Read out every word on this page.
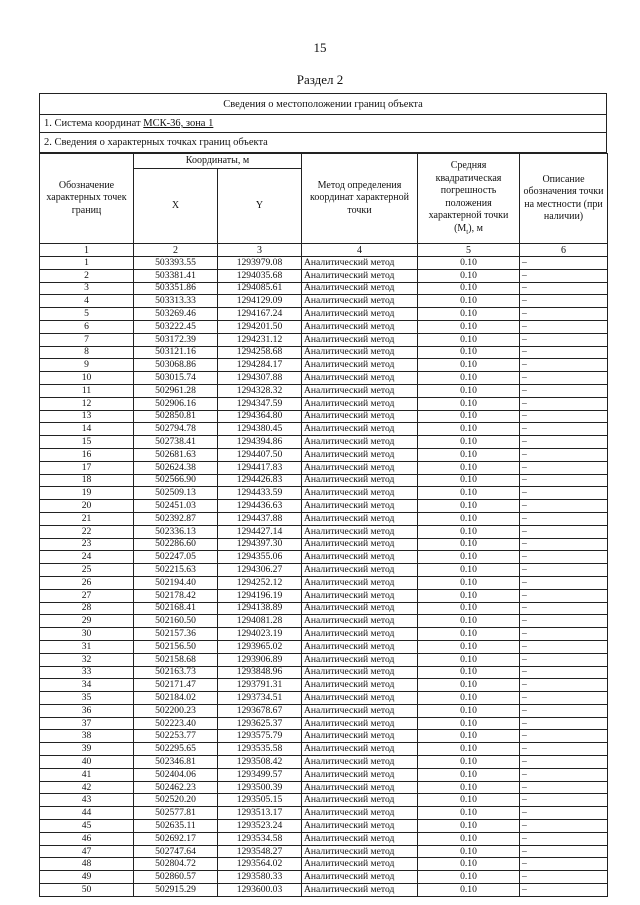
15
Раздел 2
Сведения о местоположении границ объекта
1. Система координат МСК-36, зона 1
2. Сведения о характерных точках границ объекта
Обозначение характерных точек границ	Координаты, м		Метод определения координат характерной точки	Средняя квадратическая погрешность положения характерной точки $(M_t)$, м	Описание обозначения точки на местности (при наличии)
	X	Y			
1	2	3	4	5	6
1	503393.55	1293979.08	Аналитический метод	0.10	–
2	503381.41	1294035.68	Аналитический метод	0.10	–
3	503351.86	1294085.61	Аналитический метод	0.10	–
4	503313.33	1294129.09	Аналитический метод	0.10	–
5	503269.46	1294167.24	Аналитический метод	0.10	–
6	503222.45	1294201.50	Аналитический метод	0.10	–
7	503172.39	1294231.12	Аналитический метод	0.10	–
8	503121.16	1294258.68	Аналитический метод	0.10	–
9	503068.86	1294284.17	Аналитический метод	0.10	–
10	503015.74	1294307.88	Аналитический метод	0.10	–
11	502961.28	1294328.32	Аналитический метод	0.10	–
12	502906.16	1294347.59	Аналитический метод	0.10	–
13	502850.81	1294364.80	Аналитический метод	0.10	–
14	502794.78	1294380.45	Аналитический метод	0.10	–
15	502738.41	1294394.86	Аналитический метод	0.10	–
16	502681.63	1294407.50	Аналитический метод	0.10	–
17	502624.38	1294417.83	Аналитический метод	0.10	–
18	502566.90	1294426.83	Аналитический метод	0.10	–
19	502509.13	1294433.59	Аналитический метод	0.10	–
20	502451.03	1294436.63	Аналитический метод	0.10	–
21	502392.87	1294437.88	Аналитический метод	0.10	–
22	502336.13	1294427.14	Аналитический метод	0.10	–
23	502286.60	1294397.30	Аналитический метод	0.10	–
24	502247.05	1294355.06	Аналитический метод	0.10	–
25	502215.63	1294306.27	Аналитический метод	0.10	–
26	502194.40	1294252.12	Аналитический метод	0.10	–
27	502178.42	1294196.19	Аналитический метод	0.10	–
28	502168.41	1294138.89	Аналитический метод	0.10	–
29	502160.50	1294081.28	Аналитический метод	0.10	–
30	502157.36	1294023.19	Аналитический метод	0.10	–
31	502156.50	1293965.02	Аналитический метод	0.10	–
32	502158.68	1293906.89	Аналитический метод	0.10	–
33	502163.73	1293848.96	Аналитический метод	0.10	–
34	502171.47	1293791.31	Аналитический метод	0.10	–
35	502184.02	1293734.51	Аналитический метод	0.10	–
36	502200.23	1293678.67	Аналитический метод	0.10	–
37	502223.40	1293625.37	Аналитический метод	0.10	–
38	502253.77	1293575.79	Аналитический метод	0.10	–
39	502295.65	1293535.58	Аналитический метод	0.10	–
40	502346.81	1293508.42	Аналитический метод	0.10	–
41	502404.06	1293499.57	Аналитический метод	0.10	–
42	502462.23	1293500.39	Аналитический метод	0.10	–
43	502520.20	1293505.15	Аналитический метод	0.10	–
44	502577.81	1293513.17	Аналитический метод	0.10	–
45	502635.11	1293523.24	Аналитический метод	0.10	–
46	502692.17	1293534.58	Аналитический метод	0.10	–
47	502747.64	1293548.27	Аналитический метод	0.10	–
48	502804.72	1293564.02	Аналитический метод	0.10	–
49	502860.57	1293580.33	Аналитический метод	0.10	–
50	502915.29	1293600.03	Аналитический метод	0.10	–
